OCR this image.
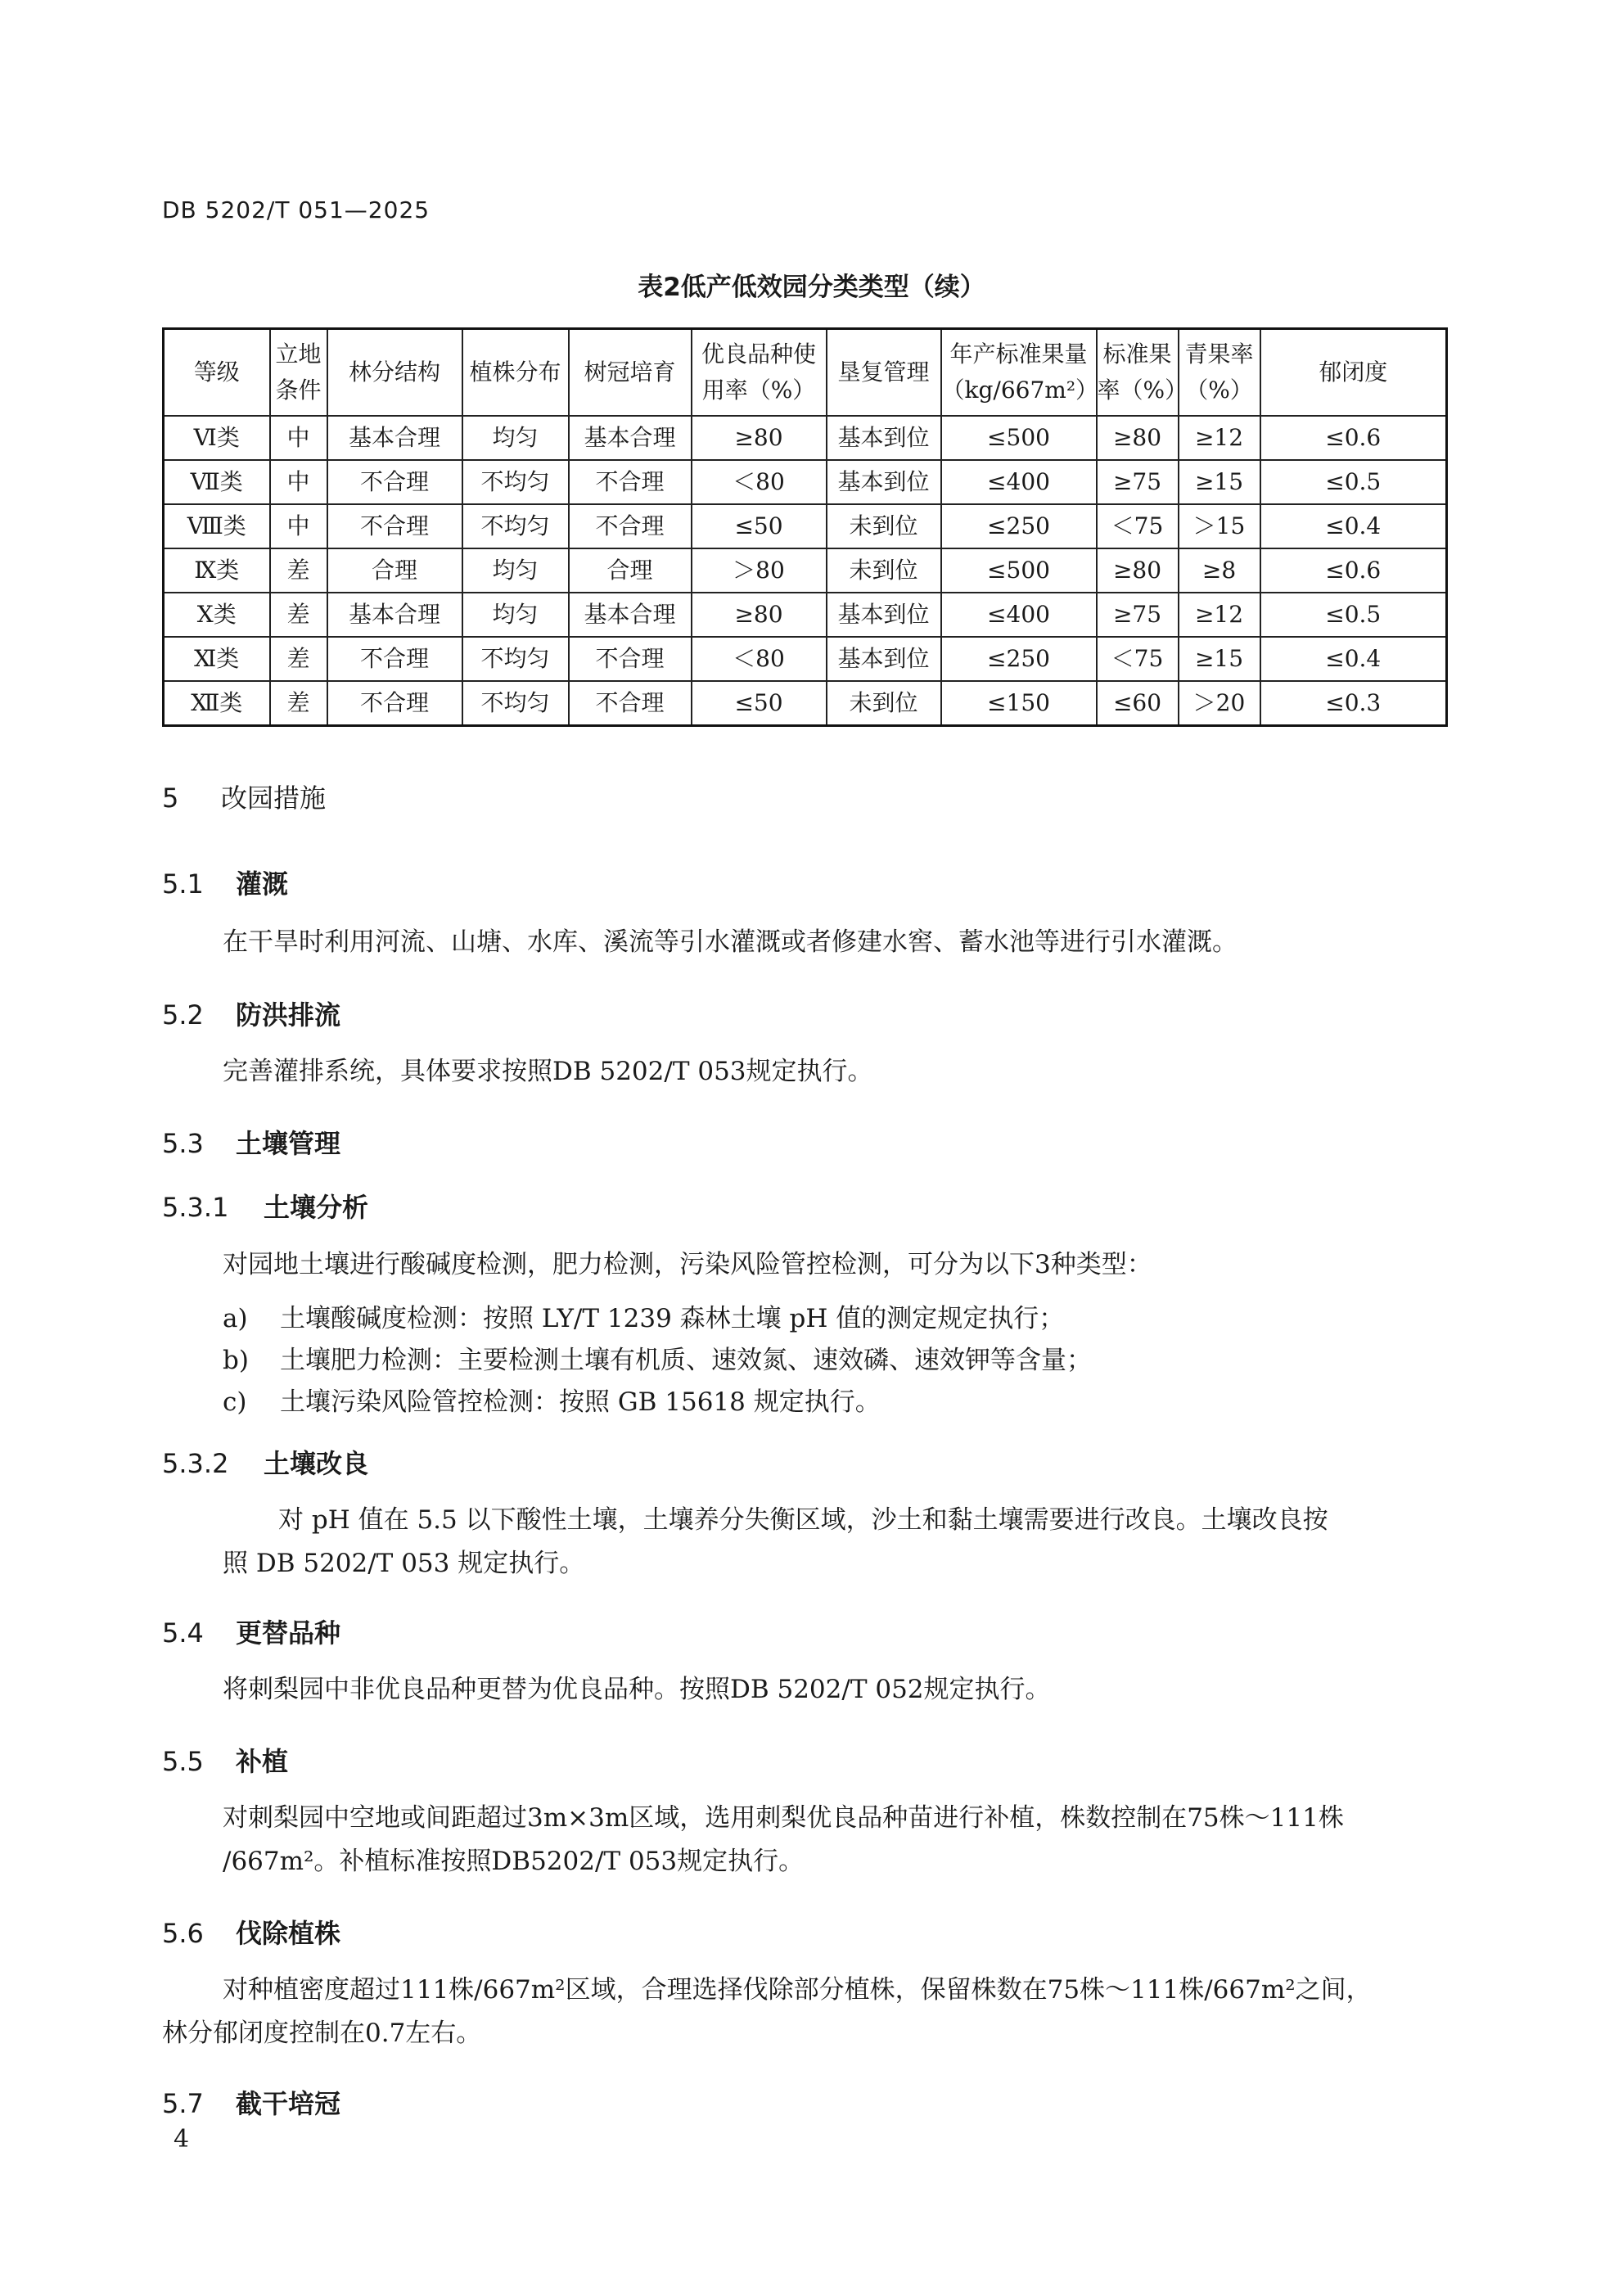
DB 5202/T 051—2025
表2低产低效园分类类型（续）
等级	立地条件	林分结构	植株分布	树冠培育	优良品种使用率（%）	垦复管理	年产标准果量（kg/667m²）	标准果率（%）	青果率（%）	郁闭度
Ⅵ类	中	基本合理	均匀	基本合理	≥80	基本到位	≤500	≥80	≥12	≤0.6
Ⅶ类	中	不合理	不均匀	不合理	＜80	基本到位	≤400	≥75	≥15	≤0.5
Ⅷ类	中	不合理	不均匀	不合理	≤50	未到位	≤250	＜75	＞15	≤0.4
Ⅸ类	差	合理	均匀	合理	＞80	未到位	≤500	≥80	≥8	≤0.6
Ⅹ类	差	基本合理	均匀	基本合理	≥80	基本到位	≤400	≥75	≥12	≤0.5
Ⅺ类	差	不合理	不均匀	不合理	＜80	基本到位	≤250	＜75	≥15	≤0.4
Ⅻ类	差	不合理	不均匀	不合理	≤50	未到位	≤150	≤60	＞20	≤0.3
5 改园措施
5.1 灌溉
在干旱时利用河流、山塘、水库、溪流等引水灌溉或者修建水窖、蓄水池等进行引水灌溉。
5.2 防洪排流
完善灌排系统，具体要求按照DB 5202/T 053规定执行。
5.3 土壤管理
5.3.1 土壤分析
对园地土壤进行酸碱度检测，肥力检测，污染风险管控检测，可分为以下3种类型：
a) 土壤酸碱度检测：按照 LY/T 1239 森林土壤 pH 值的测定规定执行；
b) 土壤肥力检测：主要检测土壤有机质、速效氮、速效磷、速效钾等含量；
c) 土壤污染风险管控检测：按照 GB 15618 规定执行。
5.3.2 土壤改良
对 pH 值在 5.5 以下酸性土壤，土壤养分失衡区域，沙土和黏土壤需要进行改良。土壤改良按
照 DB 5202/T 053 规定执行。
5.4 更替品种
将刺梨园中非优良品种更替为优良品种。按照DB 5202/T 052规定执行。
5.5 补植
对刺梨园中空地或间距超过3m×3m区域，选用刺梨优良品种苗进行补植，株数控制在75株～111株
/667m²。补植标准按照DB5202/T 053规定执行。
5.6 伐除植株
对种植密度超过111株/667m²区域，合理选择伐除部分植株，保留株数在75株～111株/667m²之间，
林分郁闭度控制在0.7左右。
5.7 截干培冠
4
